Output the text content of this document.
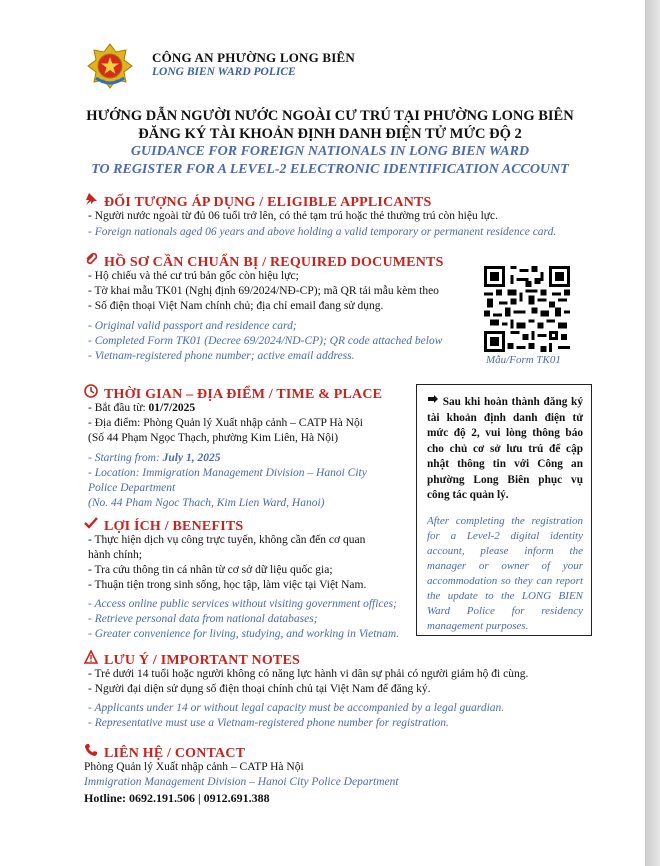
CÔNG AN PHƯỜNG LONG BIÊN
LONG BIEN WARD POLICE
HƯỚNG DẪN NGƯỜI NƯỚC NGOÀI CƯ TRÚ TẠI PHƯỜNG LONG BIÊN
ĐĂNG KÝ TÀI KHOẢN ĐỊNH DANH ĐIỆN TỬ MỨC ĐỘ 2
GUIDANCE FOR FOREIGN NATIONALS IN LONG BIEN WARD
TO REGISTER FOR A LEVEL-2 ELECTRONIC IDENTIFICATION ACCOUNT
ĐỐI TƯỢNG ÁP DỤNG / ELIGIBLE APPLICANTS
- Người nước ngoài từ đủ 06 tuổi trở lên, có thẻ tạm trú hoặc thẻ thường trú còn hiệu lực.
- Foreign nationals aged 06 years and above holding a valid temporary or permanent residence card.
HỒ SƠ CẦN CHUẨN BỊ / REQUIRED DOCUMENTS
- Hộ chiếu và thẻ cư trú bản gốc còn hiệu lực;
- Tờ khai mẫu TK01 (Nghị định 69/2024/NĐ-CP); mã QR tải mẫu kèm theo
- Số điện thoại Việt Nam chính chủ; địa chỉ email đang sử dụng.
- Original valid passport and residence card;
- Completed Form TK01 (Decree 69/2024/ND-CP); QR code attached below
- Vietnam-registered phone number; active email address.	Mẫu/Form TK01
THỜI GIAN – ĐỊA ĐIỂM / TIME & PLACE
- Bắt đầu từ: 01/7/2025
- Địa điểm: Phòng Quản lý Xuất nhập cảnh – CATP Hà Nội
(Số 44 Phạm Ngọc Thạch, phường Kim Liên, Hà Nội)
- Starting from: July 1, 2025
- Location: Immigration Management Division – Hanoi City
Police Department
(No. 44 Pham Ngoc Thach, Kim Lien Ward, Hanoi)
Sau khi hoàn thành đăng ký tài khoản định danh điện tử mức độ 2, vui lòng thông báo cho chủ cơ sở lưu trú để cập nhật thông tin với Công an phường Long Biên phục vụ công tác quản lý.
After completing the registration for a Level-2 digital identity account, please inform the manager or owner of your accommodation so they can report the update to the LONG BIEN Ward Police for residency management purposes.
LỢI ÍCH / BENEFITS
- Thực hiện dịch vụ công trực tuyến, không cần đến cơ quan
hành chính;
- Tra cứu thông tin cá nhân từ cơ sở dữ liệu quốc gia;
- Thuận tiện trong sinh sống, học tập, làm việc tại Việt Nam.
- Access online public services without visiting government offices;
- Retrieve personal data from national databases;
- Greater convenience for living, studying, and working in Vietnam.
LƯU Ý / IMPORTANT NOTES
- Trẻ dưới 14 tuổi hoặc người không có năng lực hành vi dân sự phải có người giám hộ đi cùng.
- Người đại diện sử dụng số điện thoại chính chủ tại Việt Nam để đăng ký.
- Applicants under 14 or without legal capacity must be accompanied by a legal guardian.
- Representative must use a Vietnam-registered phone number for registration.
LIÊN HỆ / CONTACT
Phòng Quản lý Xuất nhập cảnh – CATP Hà Nội
Immigration Management Division – Hanoi City Police Department
Hotline: 0692.191.506 | 0912.691.388
